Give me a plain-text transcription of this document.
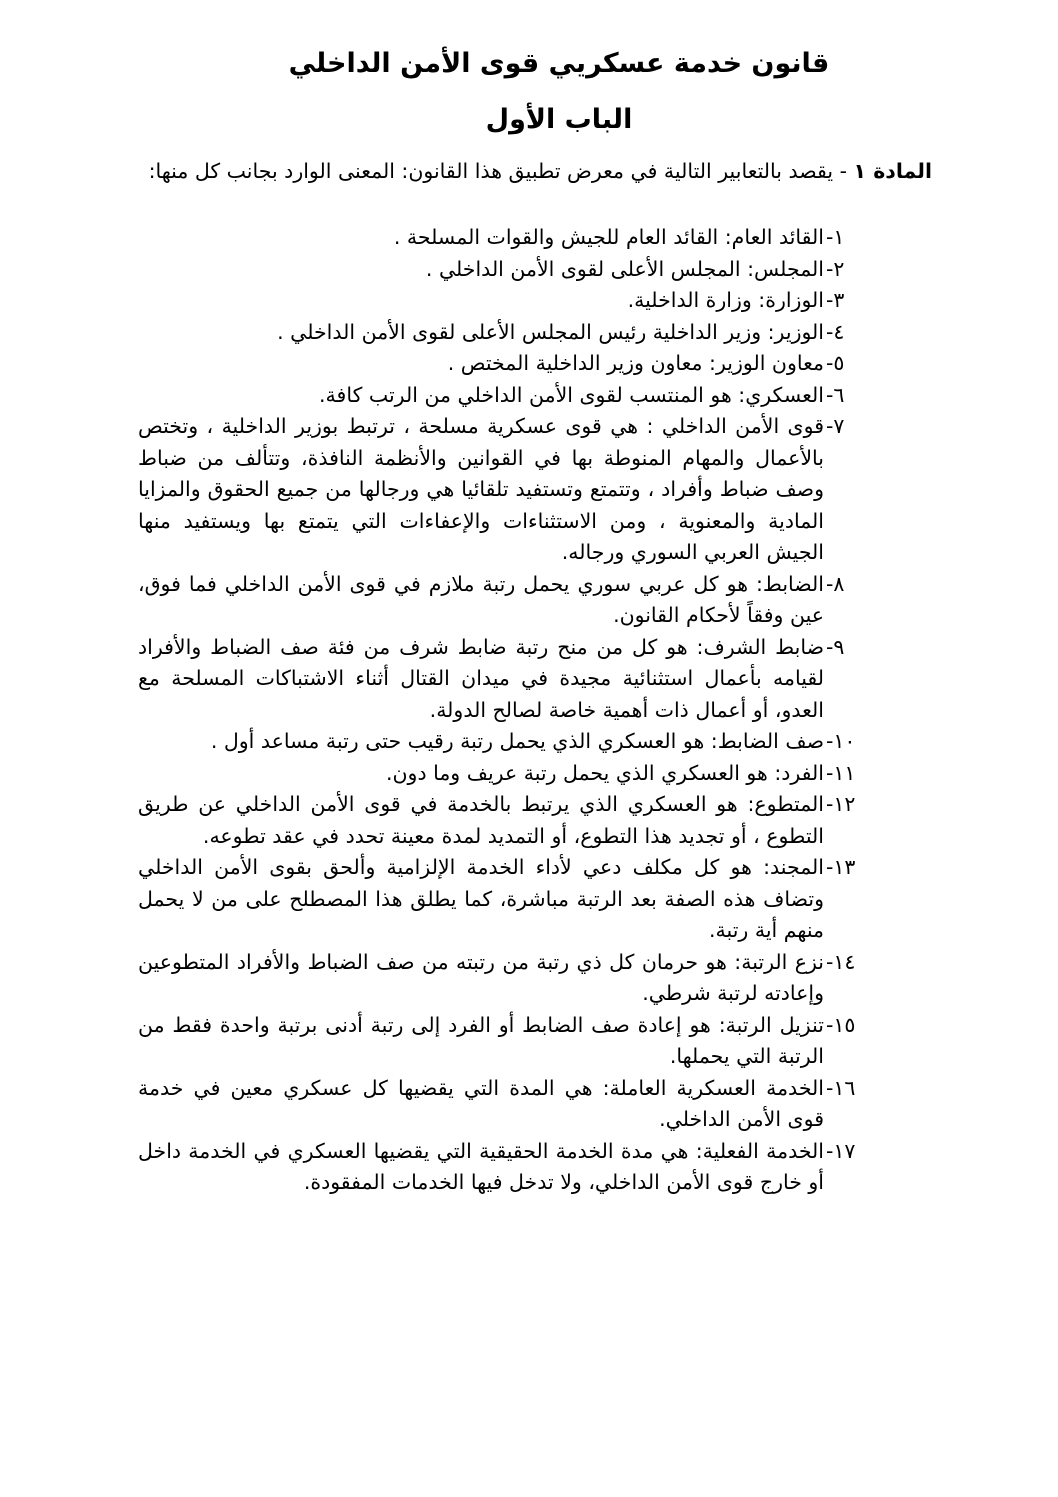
قانون خدمة عسكريي قوى الأمن الداخلي
الباب الأول
المادة ١ - يقصد بالتعابير التالية في معرض تطبيق هذا القانون: المعنى الوارد بجانب كل منها:
١-
القائد العام: القائد العام للجيش والقوات المسلحة .
٢-
المجلس: المجلس الأعلى لقوى الأمن الداخلي .
٣-
الوزارة: وزارة الداخلية.
٤-
الوزير: وزير الداخلية رئيس المجلس الأعلى لقوى الأمن الداخلي .
٥-
معاون الوزير: معاون وزير الداخلية المختص .
٦-
العسكري: هو المنتسب لقوى الأمن الداخلي من الرتب كافة.
٧-
قوى الأمن الداخلي : هي قوى عسكرية مسلحة ، ترتبط بوزير الداخلية ، وتختص بالأعمال والمهام المنوطة بها في القوانين والأنظمة النافذة، وتتألف من ضباط وصف ضباط وأفراد ، وتتمتع وتستفيد تلقائيا هي ورجالها من جميع الحقوق والمزايا المادية والمعنوية ، ومن الاستثناءات والإعفاءات التي يتمتع بها ويستفيد منها الجيش العربي السوري ورجاله.
٨-
الضابط: هو كل عربي سوري يحمل رتبة ملازم في قوى الأمن الداخلي فما فوق، عين وفقاً لأحكام القانون.
٩-
ضابط الشرف: هو كل من منح رتبة ضابط شرف من فئة صف الضباط والأفراد لقيامه بأعمال استثنائية مجيدة في ميدان القتال أثناء الاشتباكات المسلحة مع العدو، أو أعمال ذات أهمية خاصة لصالح الدولة.
١٠-
صف الضابط: هو العسكري الذي يحمل رتبة رقيب حتى رتبة مساعد أول .
١١-
الفرد: هو العسكري الذي يحمل رتبة عريف وما دون.
١٢-
المتطوع: هو العسكري الذي يرتبط بالخدمة في قوى الأمن الداخلي عن طريق التطوع ، أو تجديد هذا التطوع، أو التمديد لمدة معينة تحدد في عقد تطوعه.
١٣-
المجند: هو كل مكلف دعي لأداء الخدمة الإلزامية وألحق بقوى الأمن الداخلي وتضاف هذه الصفة بعد الرتبة مباشرة، كما يطلق هذا المصطلح على من لا يحمل منهم أية رتبة.
١٤-
نزع الرتبة: هو حرمان كل ذي رتبة من رتبته من صف الضباط والأفراد المتطوعين وإعادته لرتبة شرطي.
١٥-
تنزيل الرتبة: هو إعادة صف الضابط أو الفرد إلى رتبة أدنى برتبة واحدة فقط من الرتبة التي يحملها.
١٦-
الخدمة العسكرية العاملة: هي المدة التي يقضيها كل عسكري معين في خدمة قوى الأمن الداخلي.
١٧-
الخدمة الفعلية: هي مدة الخدمة الحقيقية التي يقضيها العسكري في الخدمة داخل أو خارج قوى الأمن الداخلي، ولا تدخل فيها الخدمات المفقودة.
